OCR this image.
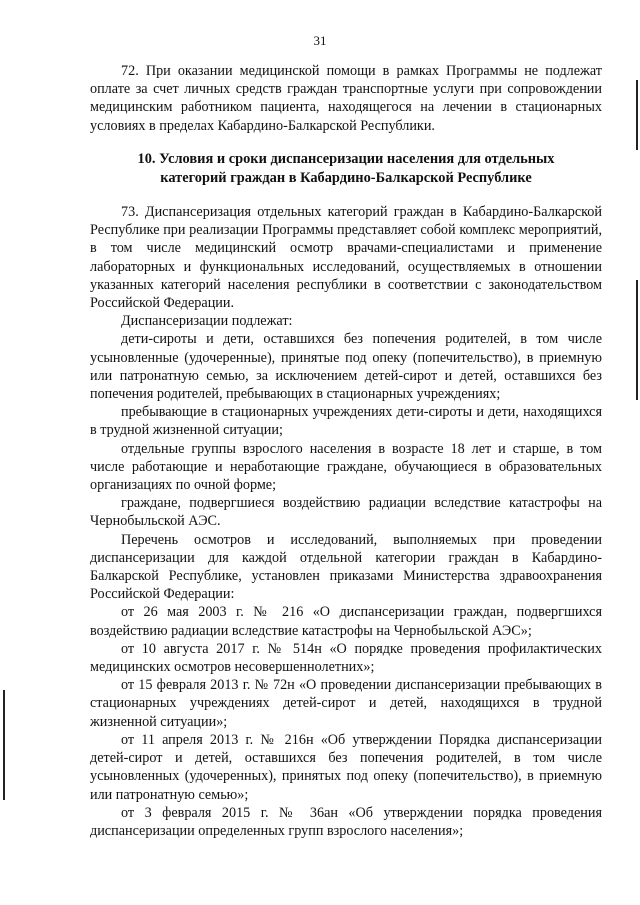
31

72. При оказании медицинской помощи в рамках Программы не подлежат оплате за счет личных средств граждан транспортные услуги при сопровождении медицинским работником пациента, находящегося на лечении в стационарных условиях в пределах Кабардино-Балкарской Республики.

10. Условия и сроки диспансеризации населения для отдельных
категорий граждан в Кабардино-Балкарской Республике

73. Диспансеризация отдельных категорий граждан в Кабардино-Балкарской Республике при реализации Программы представляет собой комплекс мероприятий, в том числе медицинский осмотр врачами-специалистами и применение лабораторных и функциональных исследований, осуществляемых в отношении указанных категорий населения республики в соответствии с законодательством Российской Федерации.

Диспансеризации подлежат:

дети-сироты и дети, оставшихся без попечения родителей, в том числе усыновленные (удочеренные), принятые под опеку (попечительство), в приемную или патронатную семью, за исключением детей-сирот и детей, оставшихся без попечения родителей, пребывающих в стационарных учреждениях;

пребывающие в стационарных учреждениях дети-сироты и дети, находящихся в трудной жизненной ситуации;

отдельные группы взрослого населения в возрасте 18 лет и старше, в том числе работающие и неработающие граждане, обучающиеся в образовательных организациях по очной форме;

граждане, подвергшиеся воздействию радиации вследствие катастрофы на Чернобыльской АЭС.

Перечень осмотров и исследований, выполняемых при проведении диспансеризации для каждой отдельной категории граждан в Кабардино-Балкарской Республике, установлен приказами Министерства здравоохранения Российской Федерации:

от 26 мая 2003 г. № 216 «О диспансеризации граждан, подвергшихся воздействию радиации вследствие катастрофы на Чернобыльской АЭС»;

от 10 августа 2017 г. № 514н «О порядке проведения профилактических медицинских осмотров несовершеннолетних»;

от 15 февраля 2013 г. № 72н «О проведении диспансеризации пребывающих в стационарных учреждениях детей-сирот и детей, находящихся в трудной жизненной ситуации»;

от 11 апреля 2013 г. № 216н «Об утверждении Порядка диспансеризации детей-сирот и детей, оставшихся без попечения родителей, в том числе усыновленных (удочеренных), принятых под опеку (попечительство), в приемную или патронатную семью»;

от 3 февраля 2015 г. № 36ан «Об утверждении порядка проведения диспансеризации определенных групп взрослого населения»;
